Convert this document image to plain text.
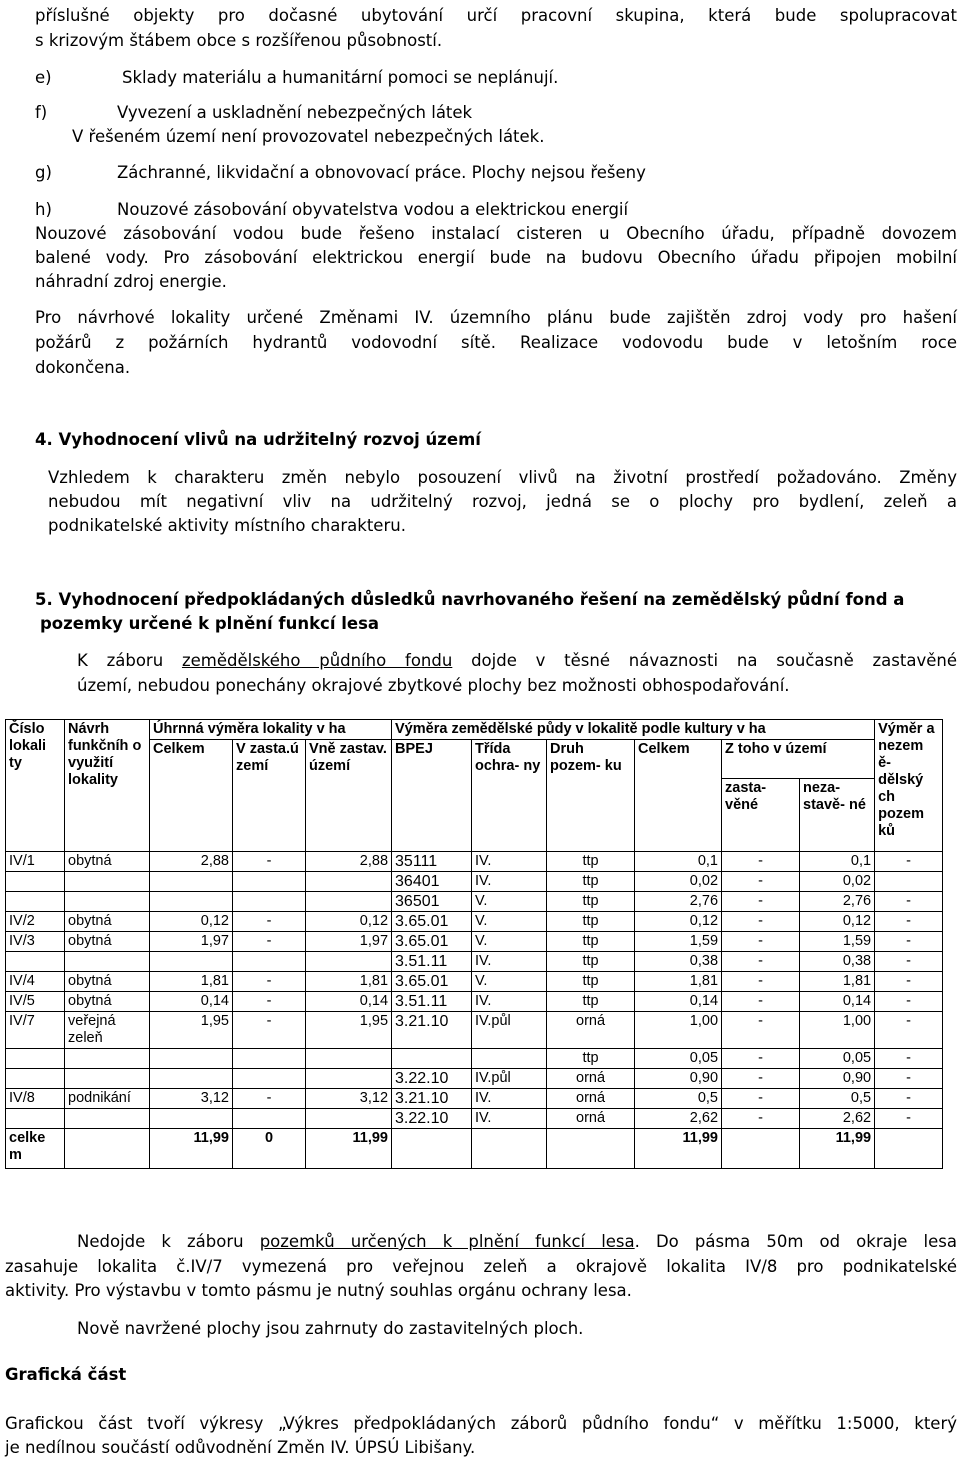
příslušné objekty pro dočasné ubytování určí pracovní skupina, která bude spolupracovat
s krizovým štábem obce s rozšířenou působností.
e)	Sklady materiálu a humanitární pomoci se neplánují.
f)	Vyvezení a uskladnění nebezpečných látek
V řešeném území není provozovatel nebezpečných látek.
g)	Záchranné, likvidační a obnovovací práce. Plochy nejsou řešeny
h)	Nouzové zásobování obyvatelstva vodou a elektrickou energií
Nouzové zásobování vodou bude řešeno instalací cisteren u Obecního úřadu, případně dovozem
balené vody. Pro zásobování elektrickou energií bude na budovu Obecního úřadu připojen mobilní
náhradní zdroj energie.
Pro návrhové lokality určené Změnami IV. územního plánu bude zajištěn zdroj vody pro hašení
požárů z požárních hydrantů vodovodní sítě. Realizace vodovodu bude v letošním roce
dokončena.
4. Vyhodnocení vlivů na udržitelný rozvoj území
Vzhledem k charakteru změn nebylo posouzení vlivů na životní prostředí požadováno. Změny
nebudou mít negativní vliv na udržitelný rozvoj, jedná se o plochy pro bydlení, zeleň a
podnikatelské aktivity místního charakteru.
5. Vyhodnocení předpokládaných důsledků navrhovaného řešení na zemědělský půdní fond a
pozemky určené k plnění funkcí lesa
K záboru zemědělského půdního fondu dojde v těsné návaznosti na současně zastavěné
území, nebudou ponechány okrajové zbytkové plochy bez možnosti obhospodařování.
Číslo lokali ty	Návrh funkčníh o využití lokality	Úhrnná výměra lokality v ha			Výměra zemědělské půdy v lokalitě podle kultury v ha						Výměr a nezem ě- dělský ch pozem ků
		Celkem	V zasta.ú zemí	Vně zastav. území	BPEJ	Třída ochra- ny	Druh pozem- ku	Celkem	Z toho v území		
									zasta- věné	neza- stavě- né	
IV/1	obytná	2,88	-	2,88	35111	IV.	ttp	0,1	-	0,1	-
					36401	IV.	ttp	0,02	-	0,02	
					36501	V.	ttp	2,76	-	2,76	-
IV/2	obytná	0,12	-	0,12	3.65.01	V.	ttp	0,12	-	0,12	-
IV/3	obytná	1,97	-	1,97	3.65.01	V.	ttp	1,59	-	1,59	-
					3.51.11	IV.	ttp	0,38	-	0,38	-
IV/4	obytná	1,81	-	1,81	3.65.01	V.	ttp	1,81	-	1,81	-
IV/5	obytná	0,14	-	0,14	3.51.11	IV.	ttp	0,14	-	0,14	-
IV/7	veřejná zeleň	1,95	-	1,95	3.21.10	IV.půl	orná	1,00	-	1,00	-
							ttp	0,05	-	0,05	-
					3.22.10	IV.půl	orná	0,90	-	0,90	-
IV/8	podnikání	3,12	-	3,12	3.21.10	IV.	orná	0,5	-	0,5	-
					3.22.10	IV.	orná	2,62	-	2,62	-
celke m		11,99	0	11,99				11,99		11,99	
Nedojde k záboru pozemků určených k plnění funkcí lesa. Do pásma 50m od okraje lesa
zasahuje lokalita č.IV/7 vymezená pro veřejnou zeleň a okrajově lokalita IV/8 pro podnikatelské
aktivity. Pro výstavbu v tomto pásmu je nutný souhlas orgánu ochrany lesa.
Nově navržené plochy jsou zahrnuty do zastavitelných ploch.
Grafická část
Grafickou část tvoří výkresy „Výkres předpokládaných záborů půdního fondu“ v měřítku 1:5000, který
je nedílnou součástí odůvodnění Změn IV. ÚPSÚ Libišany.
